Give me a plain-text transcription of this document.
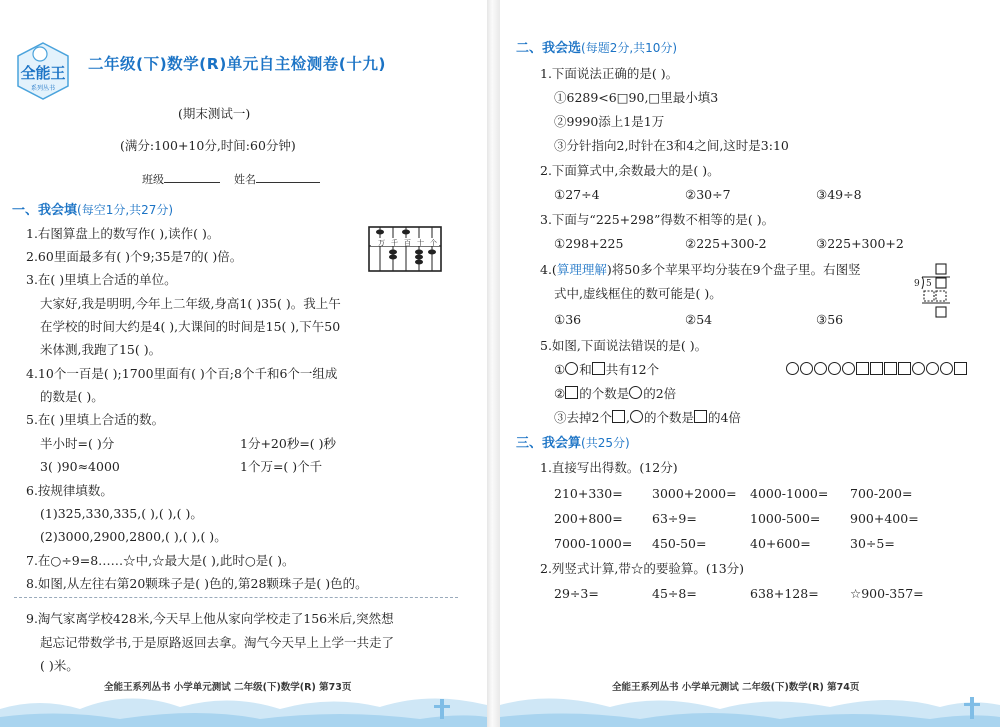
全能王
系列丛书
二年级(下)数学(R)单元自主检测卷(十九)
(期末测试一)
(满分:100+10分,时间:60分钟)
班级	姓名
一、我会填(每空1分,共27分)
1.右图算盘上的数写作( ),读作( )。
万 千 百 十 个
2.60里面最多有( )个9;35是7的( )倍。
3.在( )里填上合适的单位。
大家好,我是明明,今年上二年级,身高1( )35( )。我上午
在学校的时间大约是4( ),大课间的时间是15( ),下午50
米体测,我跑了15( )。
4.10个一百是( );1700里面有( )个百;8个千和6个一组成
的数是( )。
5.在( )里填上合适的数。
半小时=( )分	1分+20秒=( )秒
3( )90≈4000	1个万=( )个千
6.按规律填数。
(1)325,330,335,( ),( ),( )。
(2)3000,2900,2800,( ),( ),( )。
7.在○÷9=8……☆中,☆最大是( ),此时○是( )。
8.如图,从左往右第20颗珠子是( )色的,第28颗珠子是( )色的。
9.淘气家离学校428米,今天早上他从家向学校走了156米后,突然想
起忘记带数学书,于是原路返回去拿。淘气今天早上上学一共走了
( )米。
全能王系列丛书 小学单元测试 二年级(下)数学(R) 第73页
二、我会选(每题2分,共10分)
1.下面说法正确的是( )。
①6289<6□90,□里最小填3
②9990添上1是1万
③分针指向2,时针在3和4之间,这时是3:10
2.下面算式中,余数最大的是( )。
①27÷4	②30÷7	③49÷8
3.下面与“225+298”得数不相等的是( )。
①298+225	②225+300-2	③225+300+2
4.(算理理解)将50多个苹果平均分装在9个盘子里。右图竖
式中,虚线框住的数可能是( )。
①36	②54	③56
9 5
5.如图,下面说法错误的是( )。
① 和 共有12个
② 的个数是 的2倍
③去掉2个 , 的个数是 的4倍
三、我会算(共25分)
1.直接写出得数。(12分)
210+330= 3000+2000= 4000-1000= 700-200=
200+800= 63÷9=	1000-500= 900+400=
7000-1000= 450-50=	40+600=	30÷5=
2.列竖式计算,带☆的要验算。(13分)
29÷3=	45÷8=	638+128=	☆900-357=
全能王系列丛书 小学单元测试 二年级(下)数学(R) 第74页
